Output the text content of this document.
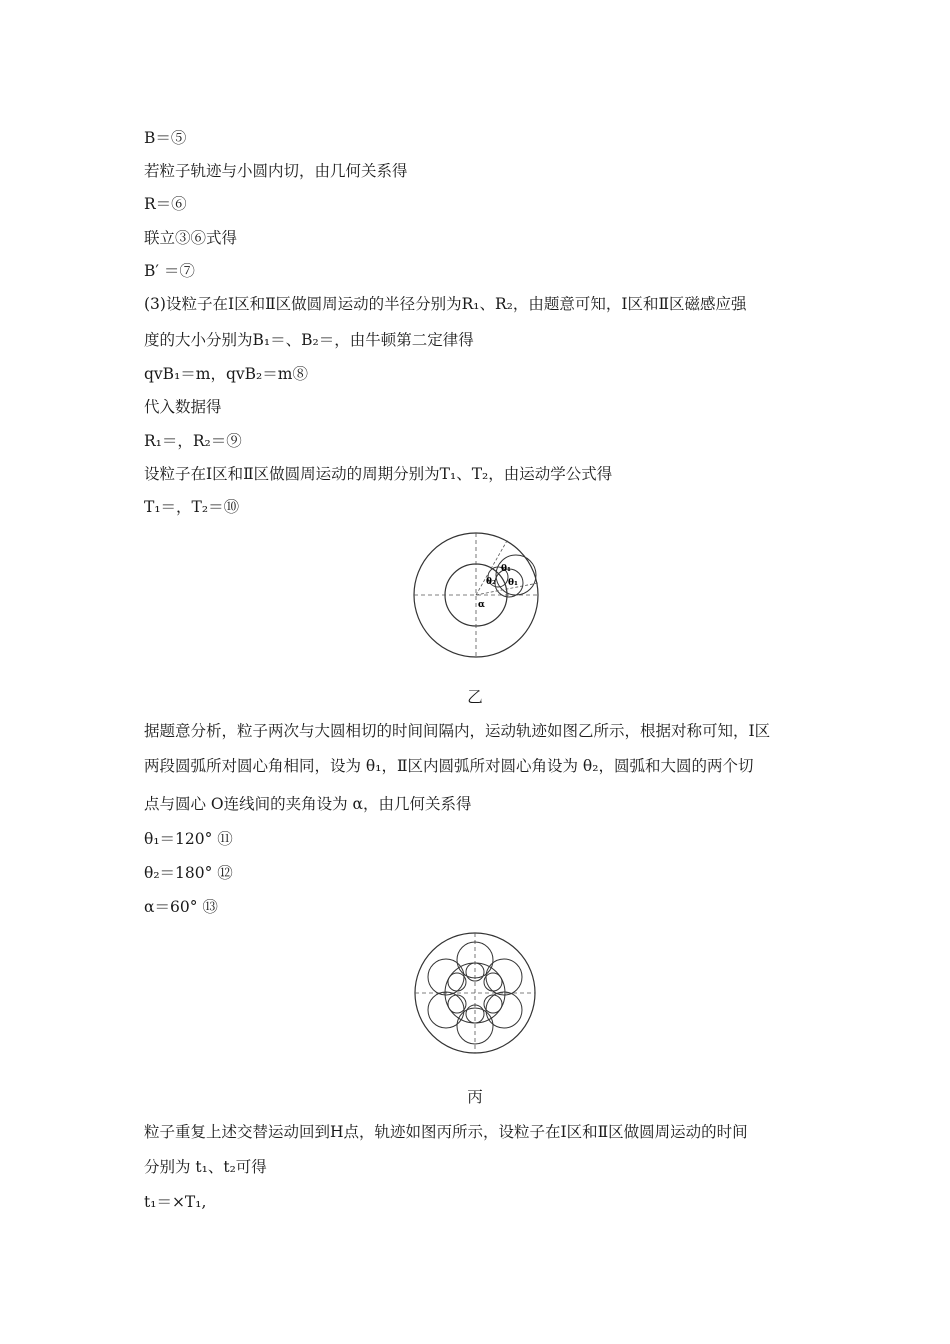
B＝⑤
若粒子轨迹与小圆内切，由几何关系得
R＝⑥
联立③⑥式得
B′ ＝⑦
(3)设粒子在Ⅰ区和Ⅱ区做圆周运动的半径分别为R₁、R₂，由题意可知，Ⅰ区和Ⅱ区磁感应强
度的大小分别为B₁＝、B₂＝，由牛顿第二定律得
qvB₁＝m，qvB₂＝m⑧
代入数据得
R₁＝，R₂＝⑨
设粒子在Ⅰ区和Ⅱ区做圆周运动的周期分别为T₁、T₂，由运动学公式得
T₁＝，T₂＝⑩
θ₁
θ₂ θ₁
α
乙
据题意分析，粒子两次与大圆相切的时间间隔内，运动轨迹如图乙所示，根据对称可知，Ⅰ区
两段圆弧所对圆心角相同，设为 θ₁，Ⅱ区内圆弧所对圆心角设为 θ₂，圆弧和大圆的两个切
点与圆心 O连线间的夹角设为 α，由几何关系得
θ₁＝120° ⑪
θ₂＝180° ⑫
α＝60° ⑬
丙
粒子重复上述交替运动回到H点，轨迹如图丙所示，设粒子在Ⅰ区和Ⅱ区做圆周运动的时间
分别为 t₁、t₂可得
t₁＝×T₁,
